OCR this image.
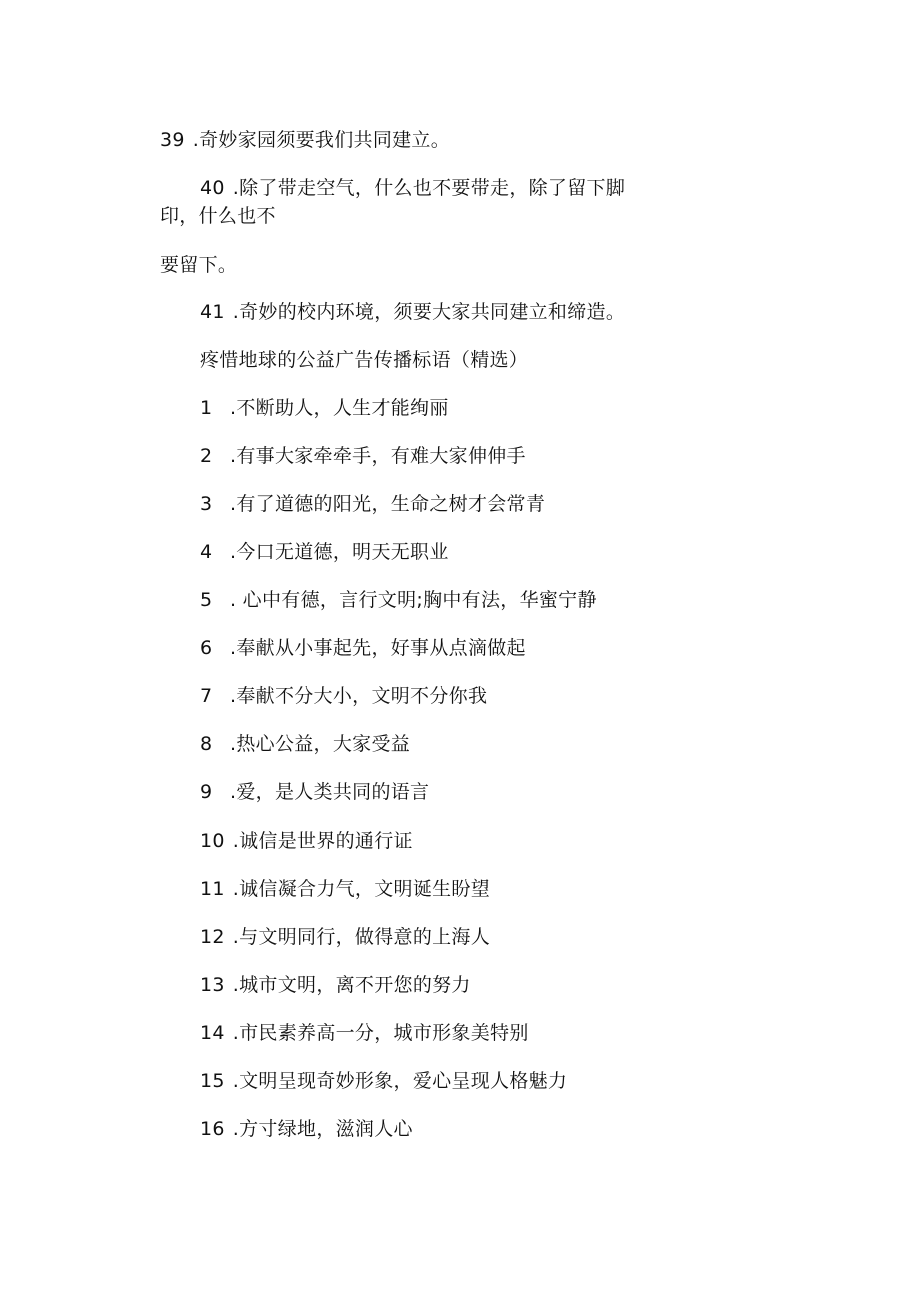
39 .奇妙家园须要我们共同建立。
40 .除了带走空气，什么也不要带走，除了留下脚
印，什么也不
要留下。
41 .奇妙的校内环境，须要大家共同建立和缔造。
疼惜地球的公益广告传播标语（精选）
1 .不断助人，人生才能绚丽
2 .有事大家牵牵手，有难大家伸伸手
3 .有了道德的阳光，生命之树才会常青
4 .今口无道德，明天无职业
5 . 心中有德，言行文明;胸中有法，华蜜宁静
6 .奉献从小事起先，好事从点滴做起
7 .奉献不分大小，文明不分你我
8 .热心公益，大家受益
9 .爱，是人类共同的语言
10 .诚信是世界的通行证
11 .诚信凝合力气，文明诞生盼望
12 .与文明同行，做得意的上海人
13 .城市文明，离不开您的努力
14 .市民素养高一分，城市形象美特别
15 .文明呈现奇妙形象，爱心呈现人格魅力
16 .方寸绿地，滋润人心
